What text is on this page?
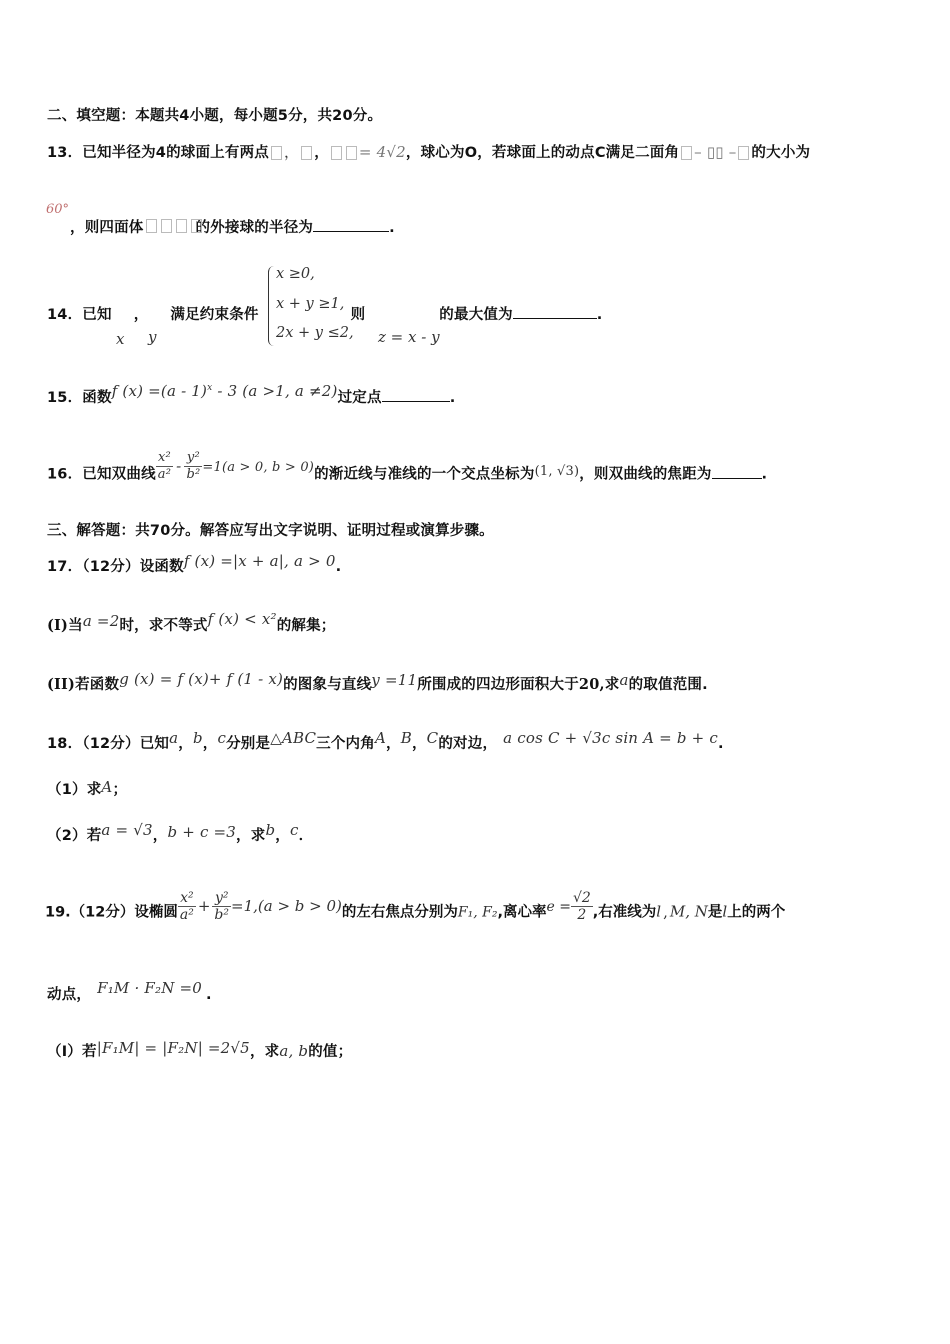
二、填空题：本题共4小题，每小题5分，共20分。
13．已知半径为4的球面上有两点 ， ， = 4√2，球心为O，若球面上的动点C满足二面角 – ▯▯ – 的大小为
60°
，则四面体	的外接球的半径为	.
14．已知 ， 满足约束条件	则	的最大值为	.
x y
x ≥0,
x + y ≥1,
2x + y ≤2, z = x - y
15．函数f (x) =(a - 1)$^x$ - 3 (a >1, a ≠2)过定点	.
16．已知双曲线 $\frac{\text{x²}}{\text{a²}} - \frac{\text{y²}}{\text{b²}} =1(a > 0$, b > 0)的渐近线与准线的一个交点坐标为(1, √3)，则双曲线的焦距为	.
三、解答题：共70分。解答应写出文字说明、证明过程或演算步骤。
17．（12分）设函数f (x) =|x + a|, a > 0.
(I)当a =2时，求不等式f (x) < x²的解集；
(II)若函数g (x) = f (x)+ f (1 - x)的图象与直线y =11所围成的四边形面积大于20,求a的取值范围.
18．（12分）已知a，b，c分别是△ABC三个内角A，B，C的对边， a cos C + √3c sin A = b + c.
（1）求A；
（2）若a = √3，b + c =3，求b，c．
19.（12分）设椭圆 $\frac{\text{x²}}{\text{a²}} + \frac{\text{y²}}{\text{b²}} =1,(a > b > 0)$的左右焦点分别为F₁, F₂,离心率$e = \frac{√2}{2}$ ,右准线为l , M, N是l上的两个
动点， F₁M · F₂N =0 .
（Ⅰ）若|F₁M| = |F₂N| =2√5，求a, b的值；
